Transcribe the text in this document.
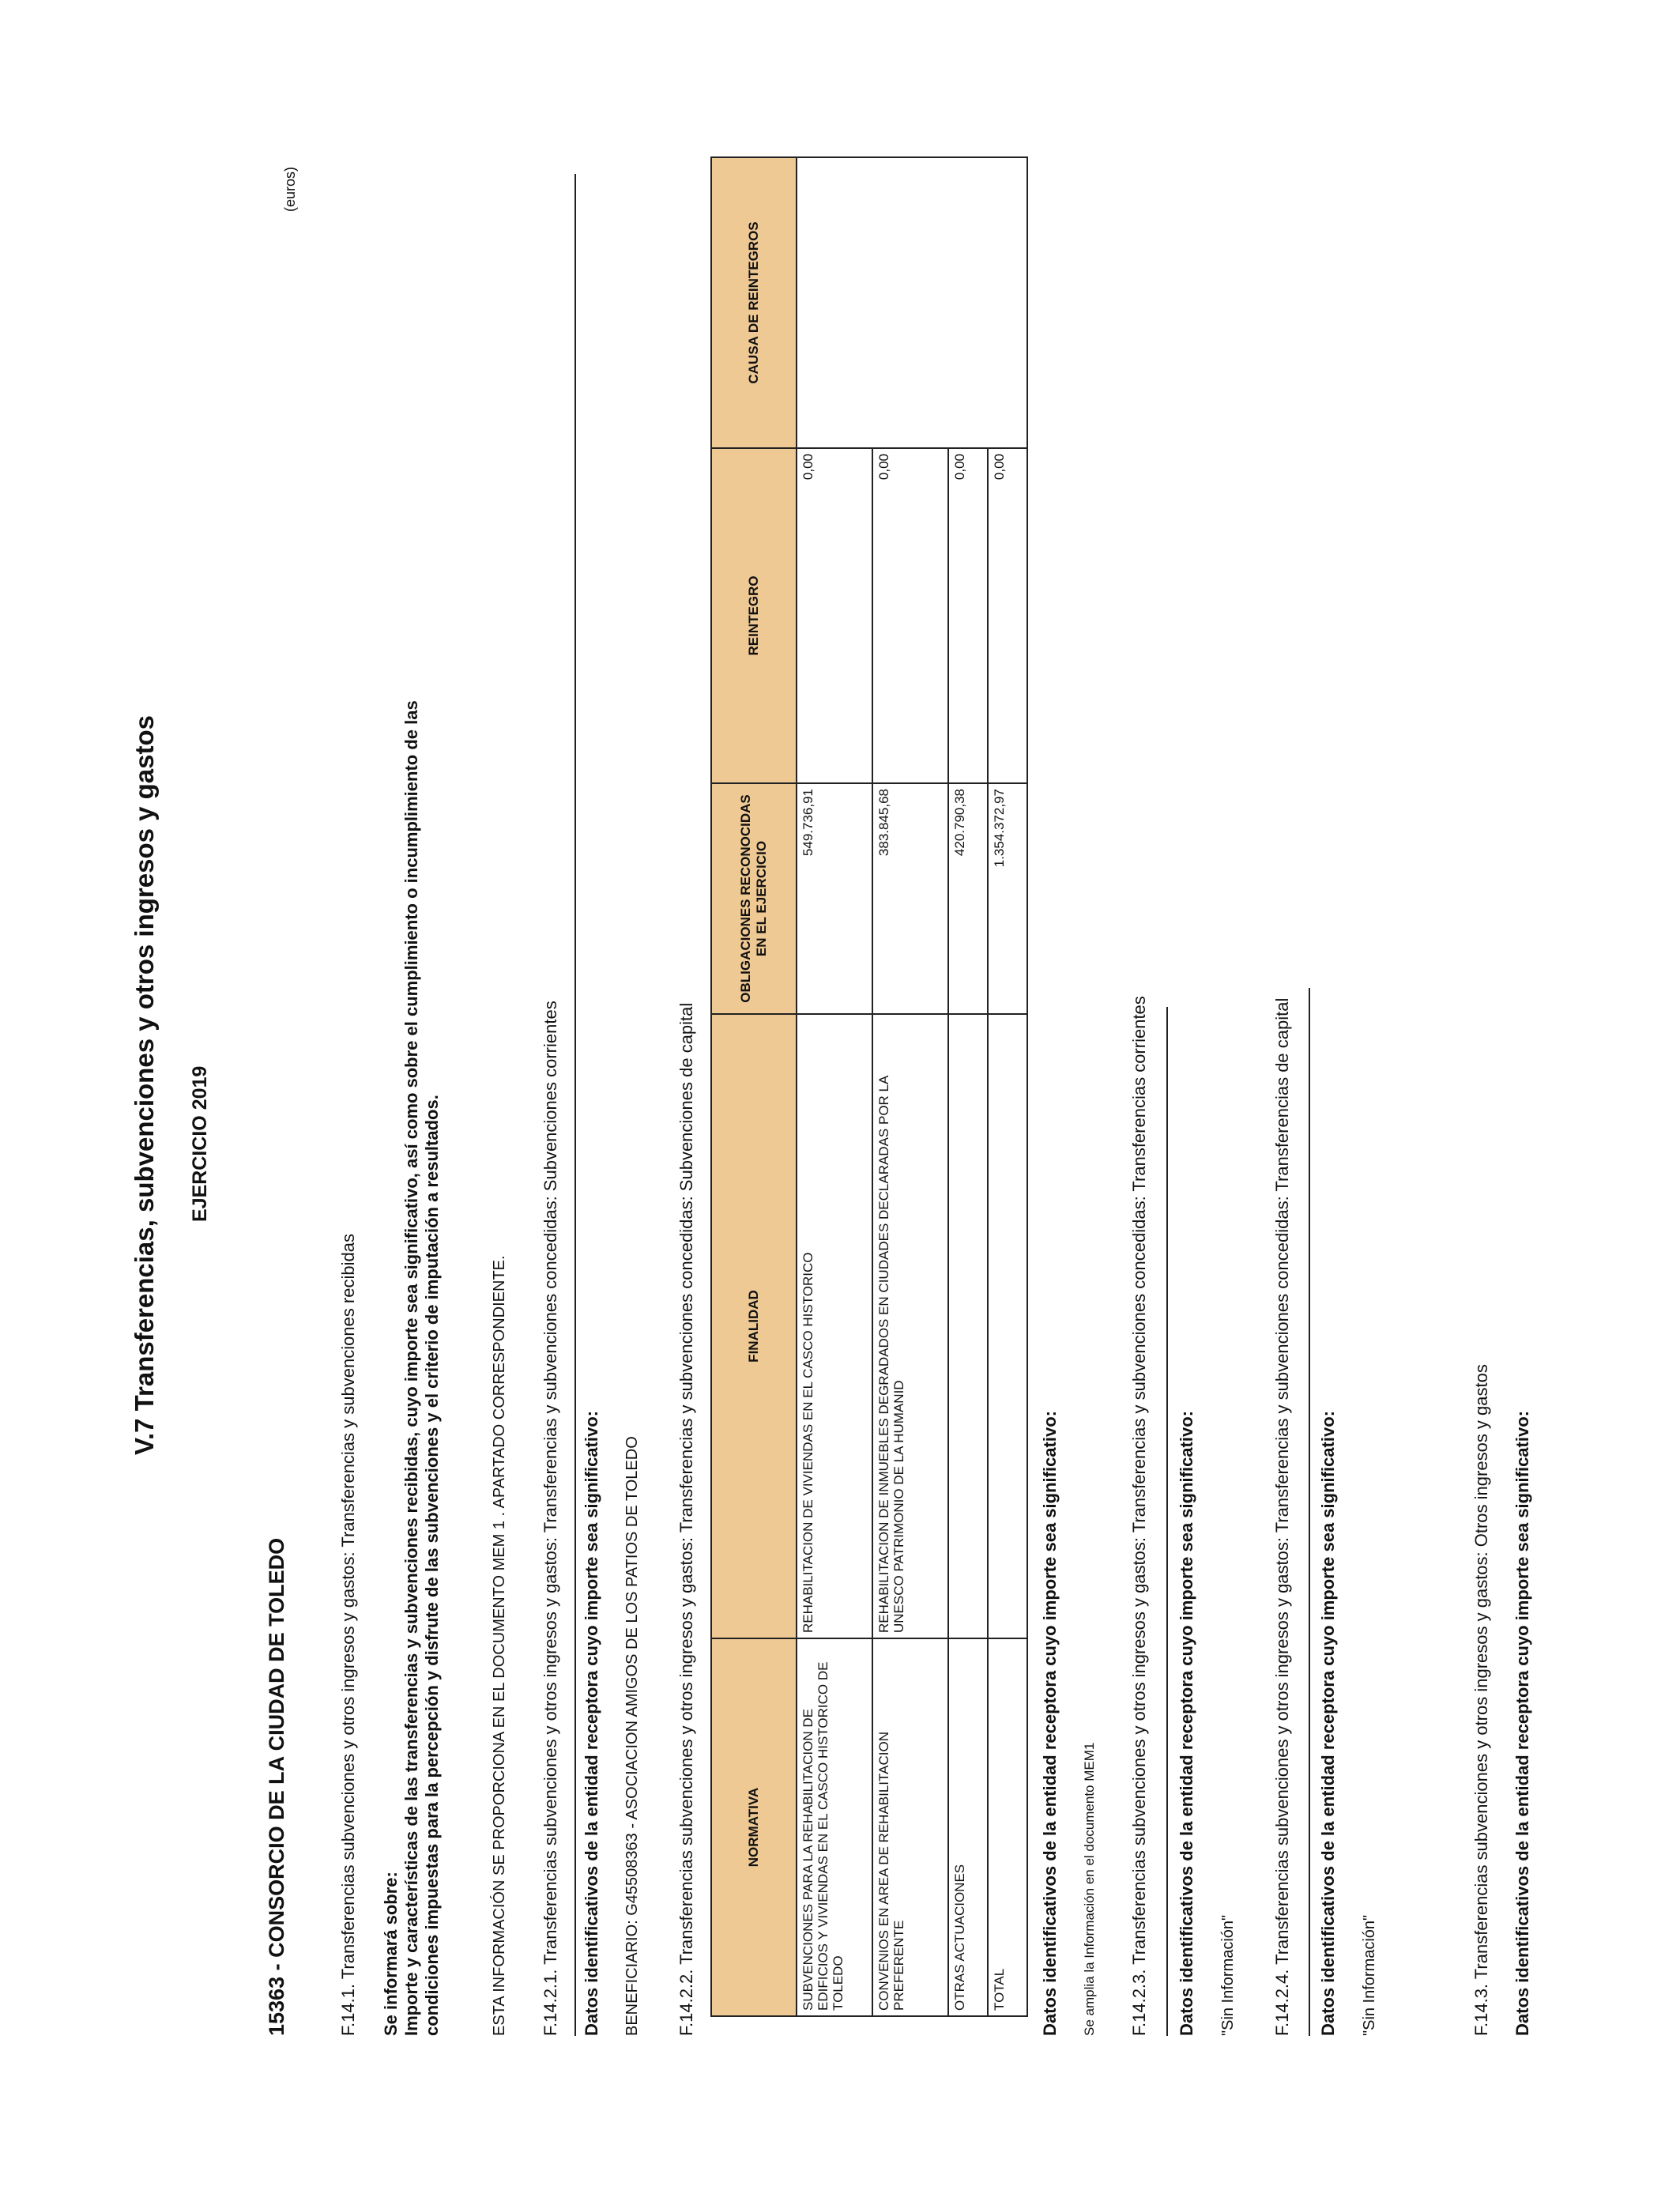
V.7 Transferencias, subvenciones y otros ingresos y gastos EJERCICIO 2019
15363 - CONSORCIO DE LA CIUDAD DE TOLEDO
(euros)
F.14.1. Transferencias subvenciones y otros ingresos y gastos: Transferencias y subvenciones recibidas Se informará sobre: Importe y características de las transferencias y subvenciones recibidas, cuyo importe sea significativo, así como sobre el cumplimiento o incumplimiento de las condiciones impuestas para la percepción y disfrute de las subvenciones y el criterio de imputación a resultados.	ESTA INFORMACIÓN SE PROPORCIONA EN EL DOCUMENTO MEM 1 . APARTADO CORRESPONDIENTE. F.14.2.1. Transferencias subvenciones y otros ingresos y gastos: Transferencias y subvenciones concedidas: Subvenciones corrientes Datos identificativos de la entidad receptora cuyo importe sea significativo: BENEFICIARIO: G45508363 - ASOCIACION AMIGOS DE LOS PATIOS DE TOLEDO F.14.2.2. Transferencias subvenciones y otros ingresos y gastos: Transferencias y subvenciones concedidas: Subvenciones de capital	NORMATIVA	FINALIDAD	OBLIGACIONES RECONOCIDAS EN EL EJERCICIO	REINTEGRO	CAUSA DE REINTEGROS
SUBVENCIONES PARA LA REHABILITACION DE EDIFICIOS Y VIVIENDAS EN EL CASCO HISTORICO DE TOLEDO	REHABILITACION DE VIVIENDAS EN EL CASCO HISTORICO	549.736,91	0,00	
CONVENIOS EN AREA DE REHABILITACION PREFERENTE	REHABILITACION DE INMUEBLES DEGRADADOS EN CIUDADES DECLARADAS POR LA UNESCO PATRIMONIO DE LA HUMANID	383.845,68	0,00	
OTRAS ACTUACIONES		420.790,38	0,00	
TOTAL		1.354.372,97	0,00	
Datos identificativos de la entidad receptora cuyo importe sea significativo: Se amplia la Información en el documento MEM1 F.14.2.3. Transferencias subvenciones y otros ingresos y gastos: Transferencias y subvenciones concedidas: Transferencias corrientes Datos identificativos de la entidad receptora cuyo importe sea significativo: "Sin Información" F.14.2.4. Transferencias subvenciones y otros ingresos y gastos: Transferencias y subvenciones concedidas: Transferencias de capital Datos identificativos de la entidad receptora cuyo importe sea significativo: "Sin Información"	F.14.3. Transferencias subvenciones y otros ingresos y gastos: Otros ingresos y gastos Datos identificativos de la entidad receptora cuyo importe sea significativo:
